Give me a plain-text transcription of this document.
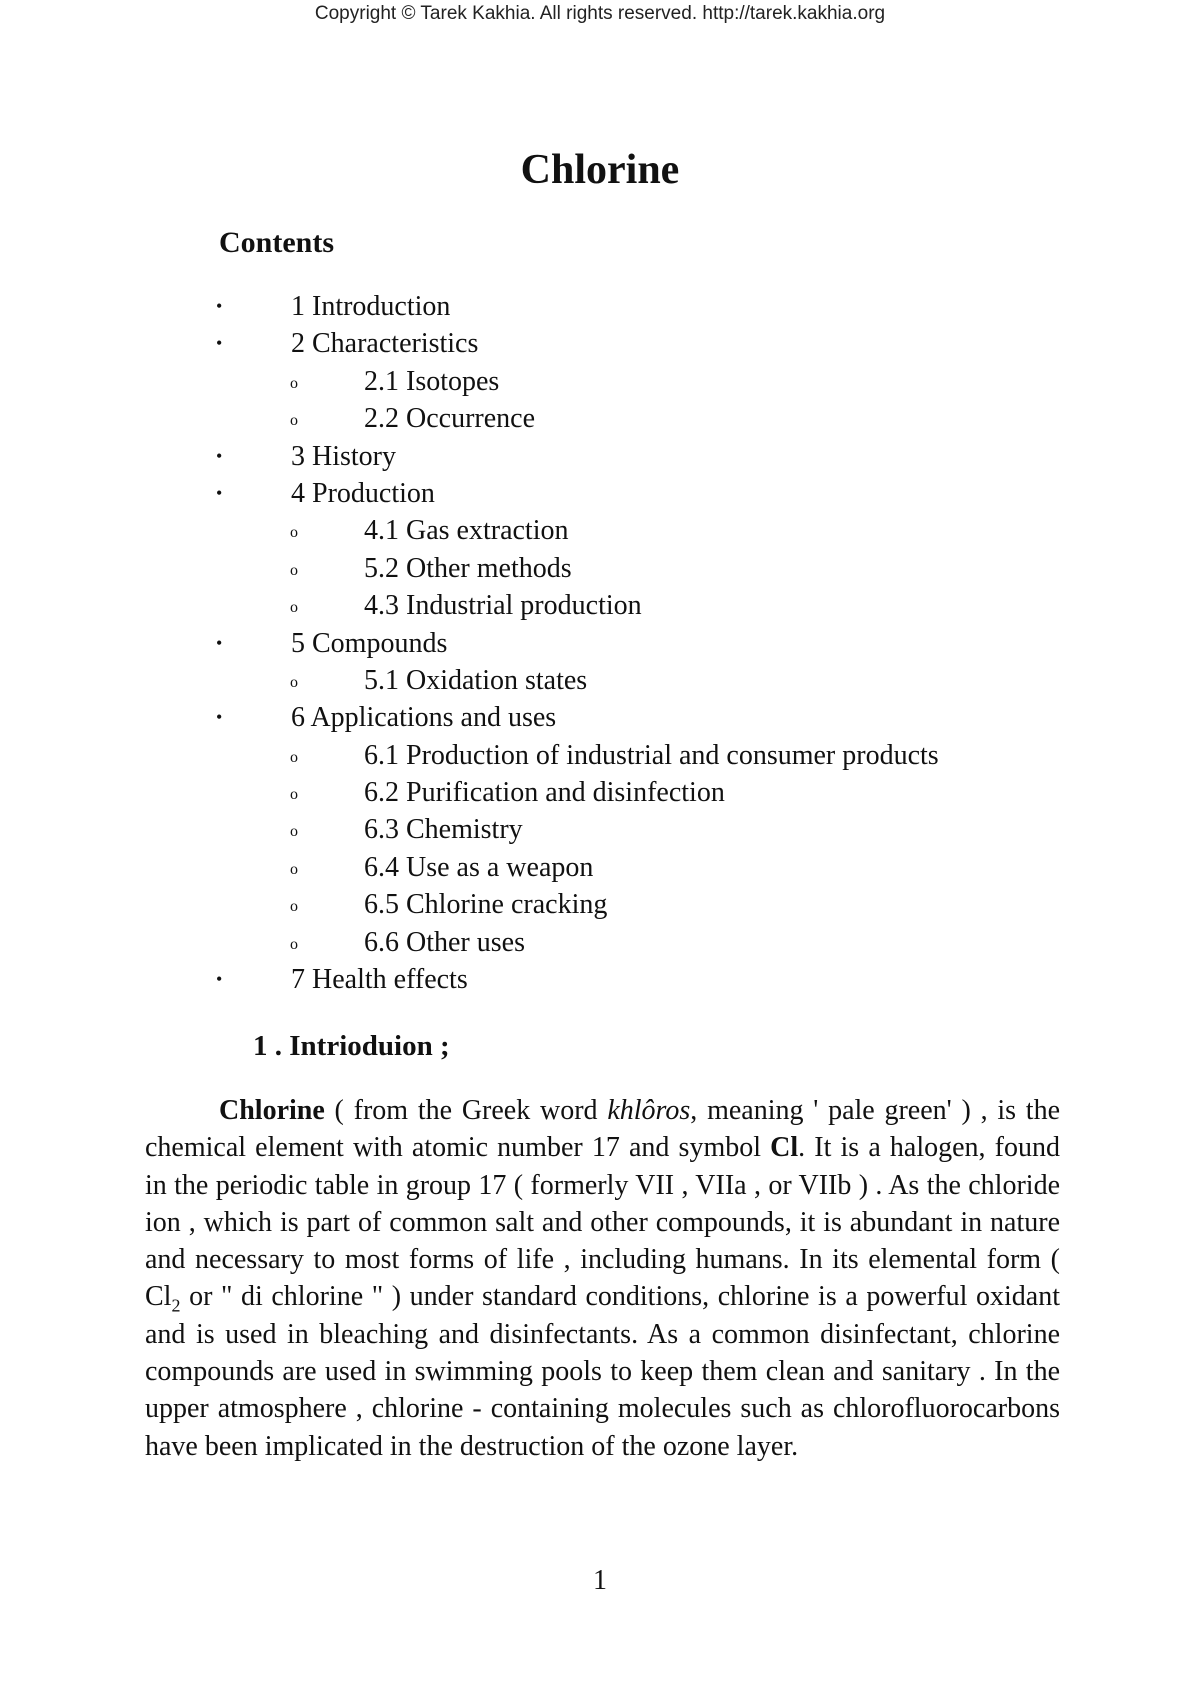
Copyright © Tarek Kakhia. All rights reserved. http://tarek.kakhia.org
Chlorine
Contents
• 1 Introduction
• 2 Characteristics
o 2.1 Isotopes
o 2.2 Occurrence
• 3 History
• 4 Production
o 4.1 Gas extraction
o 5.2 Other methods
o 4.3 Industrial production
• 5 Compounds
o 5.1 Oxidation states
• 6 Applications and uses
o 6.1 Production of industrial and consumer products
o 6.2 Purification and disinfection
o 6.3 Chemistry
o 6.4 Use as a weapon
o 6.5 Chlorine cracking
o 6.6 Other uses
• 7 Health effects
1 . Intrioduion ;

Chlorine ( from the Greek word khlôros, meaning ' pale green' ) , is the chemical element with atomic number 17 and symbol Cl. It is a halogen, found in the periodic table in group 17 ( formerly VII , VIIa , or VIIb ) . As the chloride ion , which is part of common salt and other compounds, it is abundant in nature and necessary to most forms of life , including humans. In its elemental form ( $Cl_2$ or " di chlorine " ) under standard conditions, chlorine is a powerful oxidant and is used in bleaching and disinfectants. As a common disinfectant, chlorine compounds are used in swimming pools to keep them clean and sanitary . In the upper atmosphere , chlorine - containing molecules such as chlorofluorocarbons have been implicated in the destruction of the ozone layer.

1
